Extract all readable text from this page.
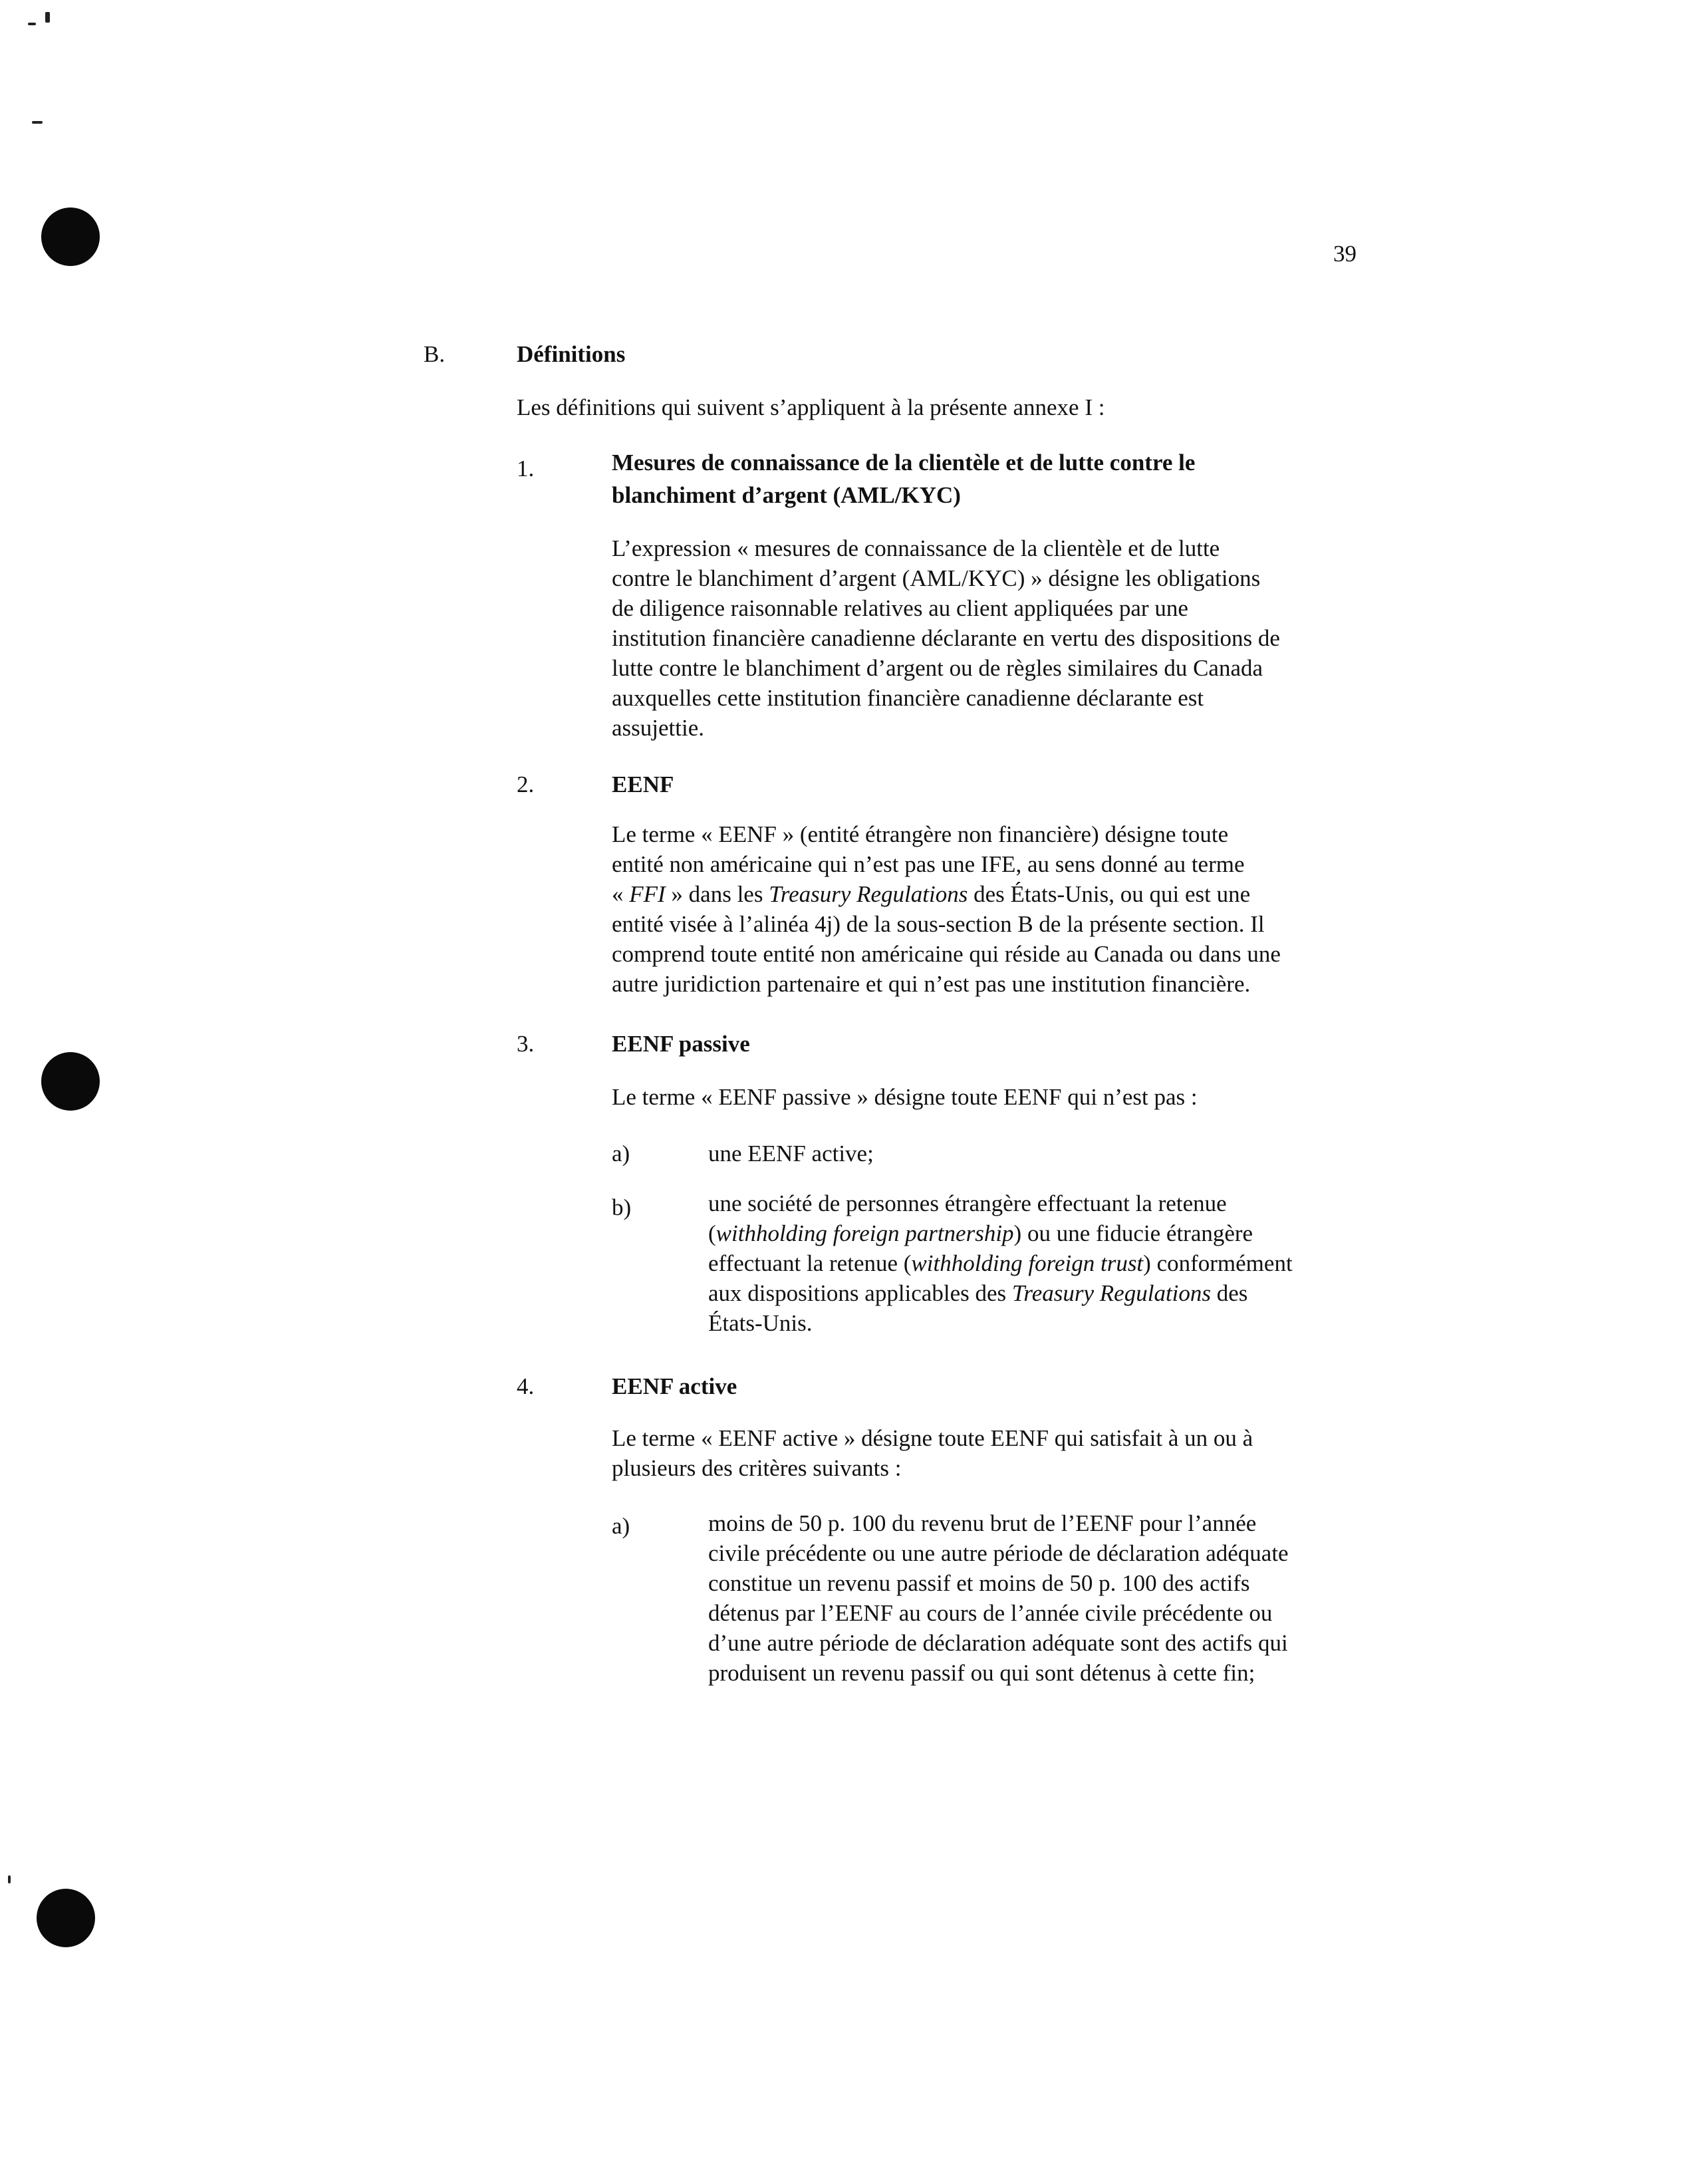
39
B.	Définitions
Les définitions qui suivent s’appliquent à la présente annexe I :
1.	Mesures de connaissance de la clientèle et de lutte contre le
blanchiment d’argent (AML/KYC)

L’expression « mesures de connaissance de la clientèle et de lutte

contre le blanchiment d’argent (AML/KYC) » désigne les obligations

de diligence raisonnable relatives au client appliquées par une

institution financière canadienne déclarante en vertu des dispositions de

lutte contre le blanchiment d’argent ou de règles similaires du Canada

auxquelles cette institution financière canadienne déclarante est

assujettie.

2.	EENF

Le terme « EENF » (entité étrangère non financière) désigne toute

entité non américaine qui n’est pas une IFE, au sens donné au terme

« FFI » dans les Treasury Regulations des États-Unis, ou qui est une

entité visée à l’alinéa 4j) de la sous-section B de la présente section. Il

comprend toute entité non américaine qui réside au Canada ou dans une

autre juridiction partenaire et qui n’est pas une institution financière.

3.	EENF passive
Le terme « EENF passive » désigne toute EENF qui n’est pas :
a)	une EENF active;
b)	une société de personnes étrangère effectuant la retenue

(withholding foreign partnership) ou une fiducie étrangère

effectuant la retenue (withholding foreign trust) conformément

aux dispositions applicables des Treasury Regulations des

États-Unis.

4.	EENF active

Le terme « EENF active » désigne toute EENF qui satisfait à un ou à

plusieurs des critères suivants :

a)	moins de 50 p. 100 du revenu brut de l’EENF pour l’année

civile précédente ou une autre période de déclaration adéquate

constitue un revenu passif et moins de 50 p. 100 des actifs

détenus par l’EENF au cours de l’année civile précédente ou

d’une autre période de déclaration adéquate sont des actifs qui

produisent un revenu passif ou qui sont détenus à cette fin;
